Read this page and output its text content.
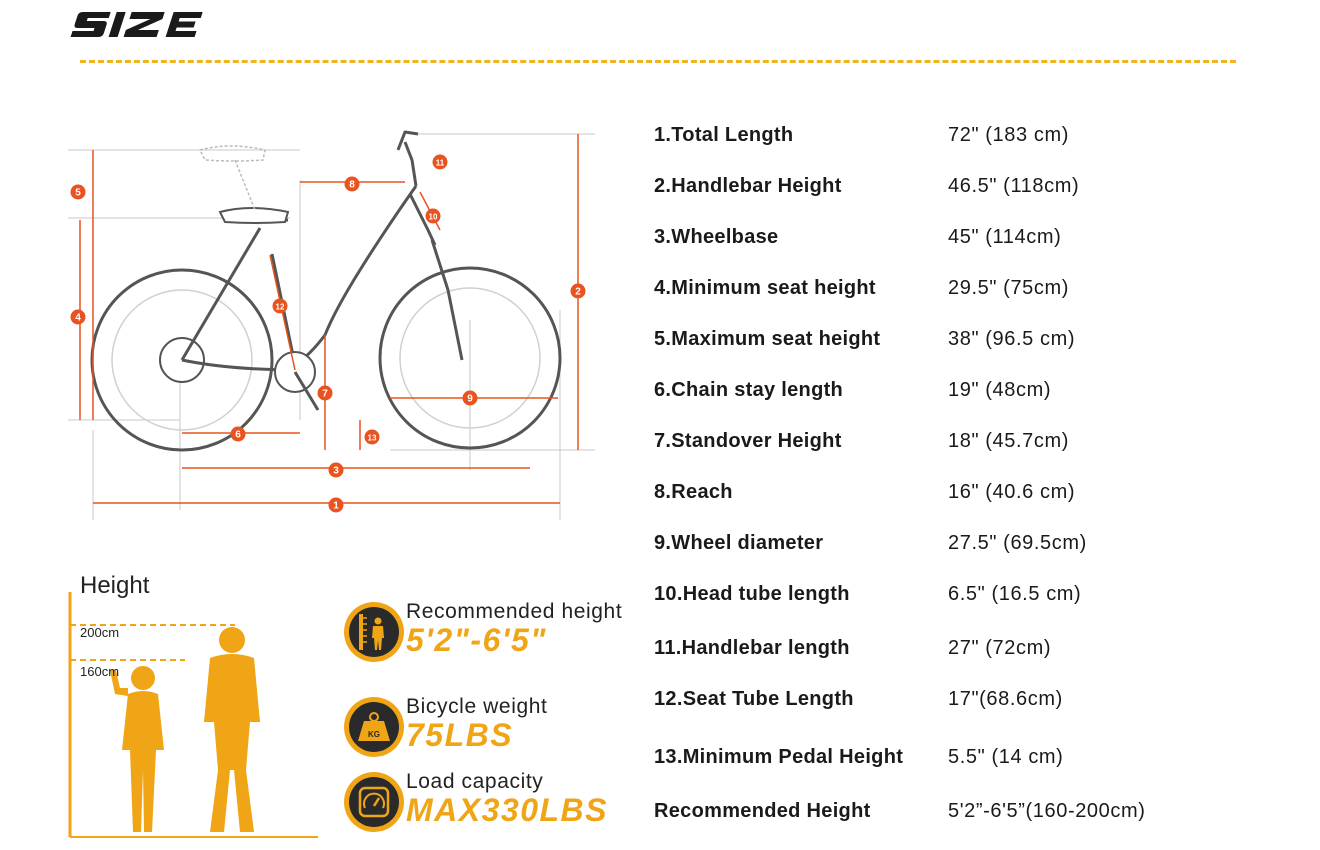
1
2
3
4
5
6
7
8
9
10
11
12
13
1.Total Length	72" (183 cm)
2.Handlebar Height	46.5" (118cm)
3.Wheelbase	45" (114cm)
4.Minimum seat height	29.5" (75cm)
5.Maximum seat height	38" (96.5 cm)
6.Chain stay length	19" (48cm)
7.Standover Height	18" (45.7cm)
8.Reach	16" (40.6 cm)
9.Wheel diameter	27.5" (69.5cm)
10.Head tube length	6.5" (16.5 cm)
11.Handlebar length	27" (72cm)
12.Seat Tube Length	17"(68.6cm)
13.Minimum Pedal Height 5.5" (14 cm)
Recommended Height	5'2”-6'5”(160-200cm)
Height
200cm
160cm
Recommended height
5'2"-6'5"
KG
Bicycle weight
75LBS
Load capacity
MAX330LBS
